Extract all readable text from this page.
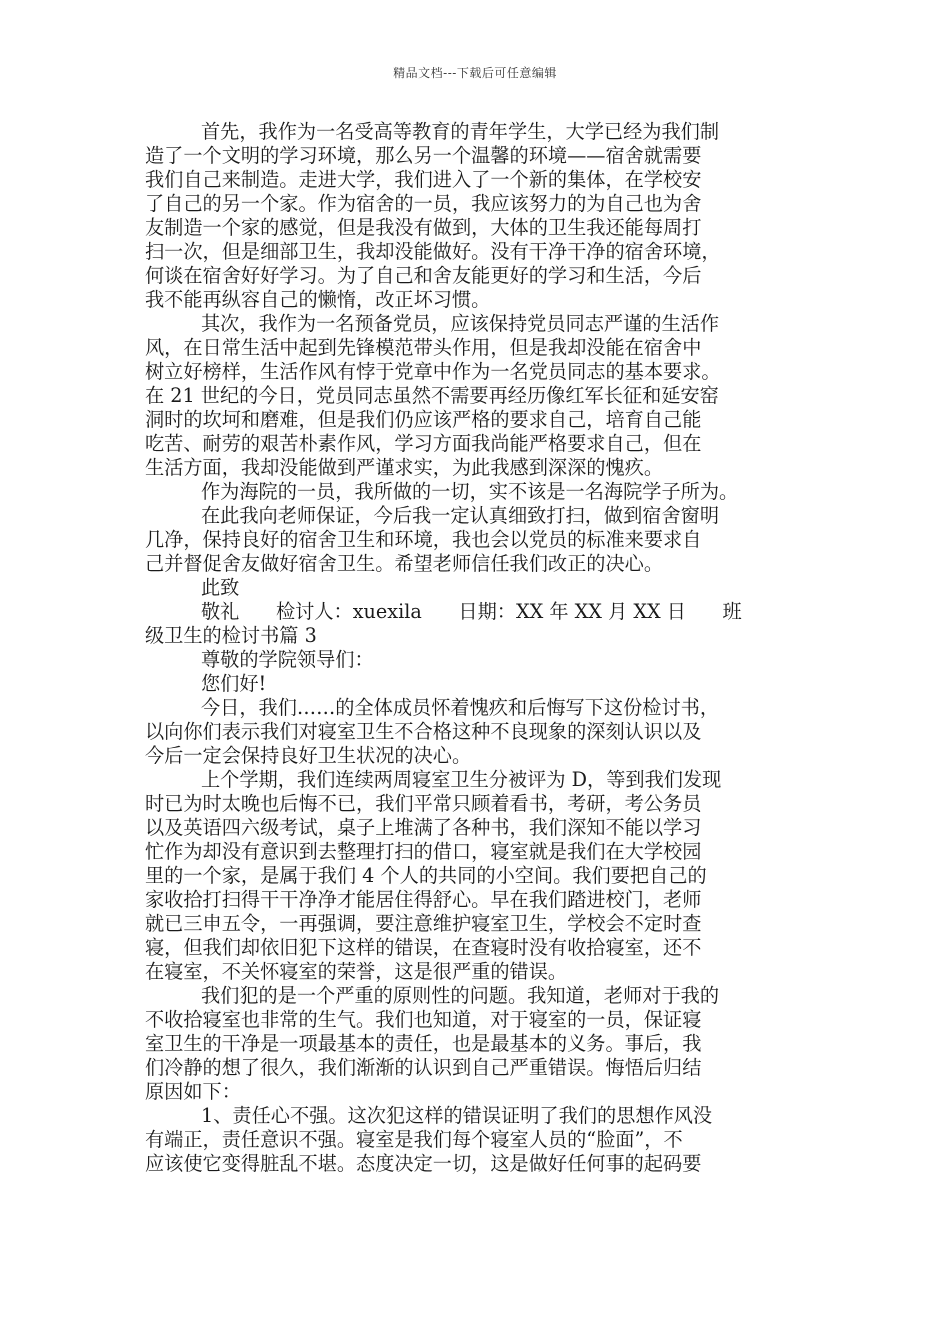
精品文档---下载后可任意编辑
首先，我作为一名受高等教育的青年学生，大学已经为我们制
造了一个文明的学习环境，那么另一个温馨的环境——宿舍就需要
我们自己来制造。走进大学，我们进入了一个新的集体，在学校安
了自己的另一个家。作为宿舍的一员，我应该努力的为自己也为舍
友制造一个家的感觉，但是我没有做到，大体的卫生我还能每周打
扫一次，但是细部卫生，我却没能做好。没有干净干净的宿舍环境，
何谈在宿舍好好学习。为了自己和舍友能更好的学习和生活，今后
我不能再纵容自己的懒惰，改正坏习惯。
其次，我作为一名预备党员，应该保持党员同志严谨的生活作
风，在日常生活中起到先锋模范带头作用，但是我却没能在宿舍中
树立好榜样，生活作风有悖于党章中作为一名党员同志的基本要求。
在 21 世纪的今日，党员同志虽然不需要再经历像红军长征和延安窑
洞时的坎坷和磨难，但是我们仍应该严格的要求自己，培育自己能
吃苦、耐劳的艰苦朴素作风，学习方面我尚能严格要求自己，但在
生活方面，我却没能做到严谨求实，为此我感到深深的愧疚。
作为海院的一员，我所做的一切，实不该是一名海院学子所为。
在此我向老师保证，今后我一定认真细致打扫，做到宿舍窗明
几净，保持良好的宿舍卫生和环境，我也会以党员的标准来要求自
己并督促舍友做好宿舍卫生。希望老师信任我们改正的决心。
此致
敬礼      检讨人：xuexila      日期：XX 年 XX 月 XX 日      班
级卫生的检讨书篇 3
尊敬的学院领导们：
您们好!
今日，我们……的全体成员怀着愧疚和后悔写下这份检讨书，
以向你们表示我们对寝室卫生不合格这种不良现象的深刻认识以及
今后一定会保持良好卫生状况的决心。
上个学期，我们连续两周寝室卫生分被评为 D，等到我们发现
时已为时太晚也后悔不已，我们平常只顾着看书，考研，考公务员
以及英语四六级考试，桌子上堆满了各种书，我们深知不能以学习
忙作为却没有意识到去整理打扫的借口，寝室就是我们在大学校园
里的一个家，是属于我们 4 个人的共同的小空间。我们要把自己的
家收拾打扫得干干净净才能居住得舒心。早在我们踏进校门，老师
就已三申五令，一再强调，要注意维护寝室卫生，学校会不定时查
寝，但我们却依旧犯下这样的错误，在查寝时没有收拾寝室，还不
在寝室，不关怀寝室的荣誉，这是很严重的错误。
我们犯的是一个严重的原则性的问题。我知道，老师对于我的
不收拾寝室也非常的生气。我们也知道，对于寝室的一员，保证寝
室卫生的干净是一项最基本的责任，也是最基本的义务。事后，我
们冷静的想了很久，我们渐渐的认识到自己严重错误。悔悟后归结
原因如下：
1、责任心不强。这次犯这样的错误证明了我们的思想作风没
有端正，责任意识不强。寝室是我们每个寝室人员的“脸面”，不
应该使它变得脏乱不堪。态度决定一切，这是做好任何事的起码要
